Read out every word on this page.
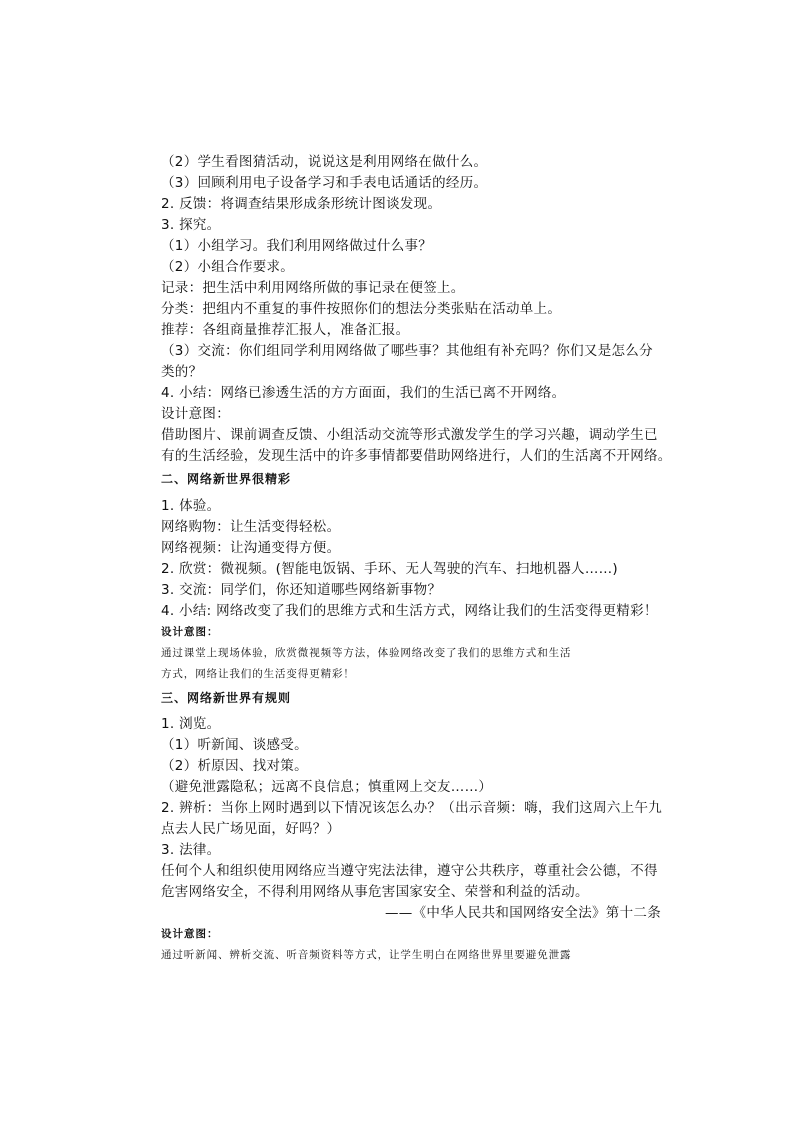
（2）学生看图猜活动，说说这是利用网络在做什么。
（3）回顾利用电子设备学习和手表电话通话的经历。
2. 反馈：将调查结果形成条形统计图谈发现。
3. 探究。
（1）小组学习。我们利用网络做过什么事？
（2）小组合作要求。
记录：把生活中利用网络所做的事记录在便签上。
分类：把组内不重复的事件按照你们的想法分类张贴在活动单上。
推荐：各组商量推荐汇报人，准备汇报。
（3）交流：你们组同学利用网络做了哪些事？其他组有补充吗？你们又是怎么分
类的？
4. 小结：网络已渗透生活的方方面面，我们的生活已离不开网络。
设计意图：
借助图片、课前调查反馈、小组活动交流等形式激发学生的学习兴趣，调动学生已
有的生活经验，发现生活中的许多事情都要借助网络进行，人们的生活离不开网络。
二、网络新世界很精彩
1. 体验。
网络购物：让生活变得轻松。
网络视频：让沟通变得方便。
2. 欣赏：微视频。(智能电饭锅、手环、无人驾驶的汽车、扫地机器人……)
3. 交流：同学们，你还知道哪些网络新事物？
4. 小结: 网络改变了我们的思维方式和生活方式，网络让我们的生活变得更精彩！
设计意图：
通过课堂上现场体验，欣赏微视频等方法，体验网络改变了我们的思维方式和生活
方式，网络让我们的生活变得更精彩！
三、网络新世界有规则
1. 浏览。
（1）听新闻、谈感受。
（2）析原因、找对策。
（避免泄露隐私；远离不良信息；慎重网上交友……）
2. 辨析：当你上网时遇到以下情况该怎么办？（出示音频：嗨，我们这周六上午九
点去人民广场见面，好吗？）
3. 法律。
任何个人和组织使用网络应当遵守宪法法律，遵守公共秩序，尊重社会公德，不得
危害网络安全，不得利用网络从事危害国家安全、荣誉和利益的活动。
——《中华人民共和国网络安全法》第十二条
设计意图：
通过听新闻、辨析交流、听音频资料等方式，让学生明白在网络世界里要避免泄露
